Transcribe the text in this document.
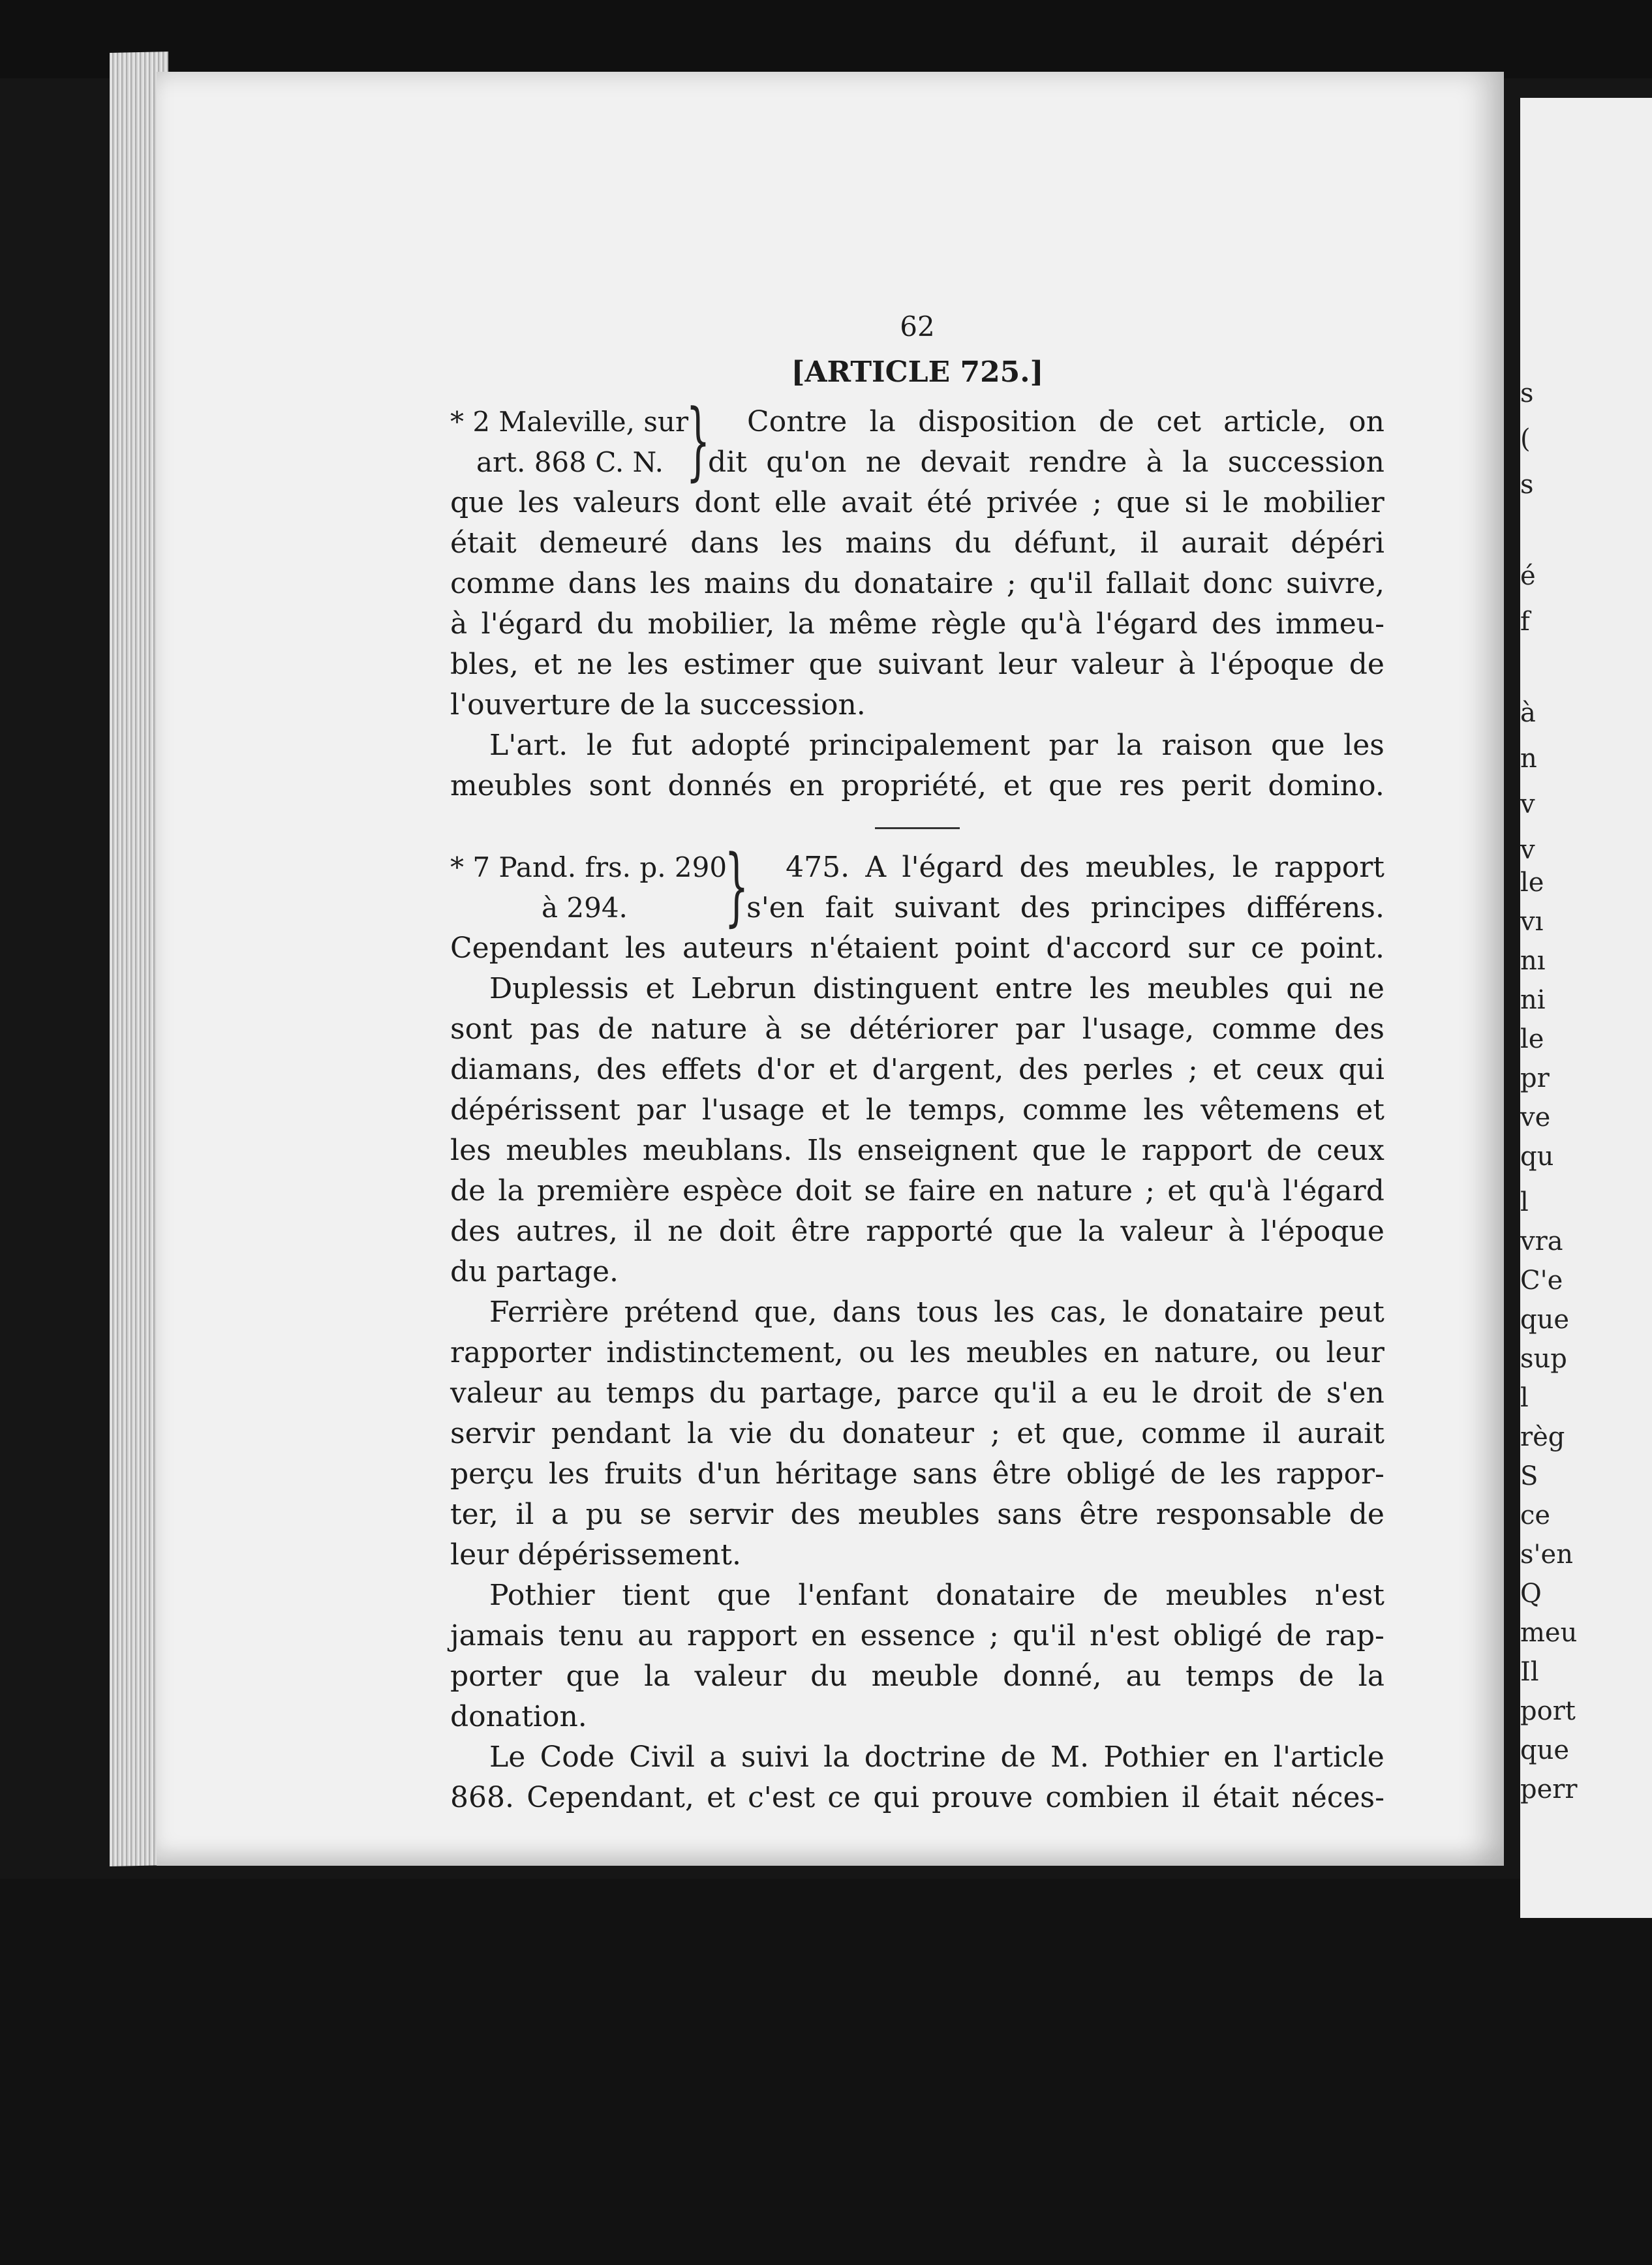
s
(
s
é
f
à
n
v
v
le
vı
nı
ni
le
pr
ve
qu
l
vra
C'e
que
sup
l
règ
S
ce
s'en
Q
meu
Il
port
que
perr
62
[ARTICLE 725.]
* 2 Maleville, sur
art. 868 C. N. } Contre la disposition de cet article, on
dit qu'on ne devait rendre à la succession
que les valeurs dont elle avait été privée ; que si le mobilier
était demeuré dans les mains du défunt, il aurait dépéri
comme dans les mains du donataire ; qu'il fallait donc suivre,
à l'égard du mobilier, la même règle qu'à l'égard des immeu-
bles, et ne les estimer que suivant leur valeur à l'époque de
l'ouverture de la succession.
L'art. le fut adopté principalement par la raison que les
meubles sont donnés en propriété, et que res perit domino.
* 7 Pand. frs. p. 290
à 294.	} 475. A l'égard des meubles, le rapport
s'en fait suivant des principes différens.
Cependant les auteurs n'étaient point d'accord sur ce point.
Duplessis et Lebrun distinguent entre les meubles qui ne
sont pas de nature à se détériorer par l'usage, comme des
diamans, des effets d'or et d'argent, des perles ; et ceux qui
dépérissent par l'usage et le temps, comme les vêtemens et
les meubles meublans. Ils enseignent que le rapport de ceux
de la première espèce doit se faire en nature ; et qu'à l'égard
des autres, il ne doit être rapporté que la valeur à l'époque
du partage.
Ferrière prétend que, dans tous les cas, le donataire peut
rapporter indistinctement, ou les meubles en nature, ou leur
valeur au temps du partage, parce qu'il a eu le droit de s'en
servir pendant la vie du donateur ; et que, comme il aurait
perçu les fruits d'un héritage sans être obligé de les rappor-
ter, il a pu se servir des meubles sans être responsable de
leur dépérissement.
Pothier tient que l'enfant donataire de meubles n'est
jamais tenu au rapport en essence ; qu'il n'est obligé de rap-
porter que la valeur du meuble donné, au temps de la
donation.
Le Code Civil a suivi la doctrine de M. Pothier en l'article
868. Cependant, et c'est ce qui prouve combien il était néces-
